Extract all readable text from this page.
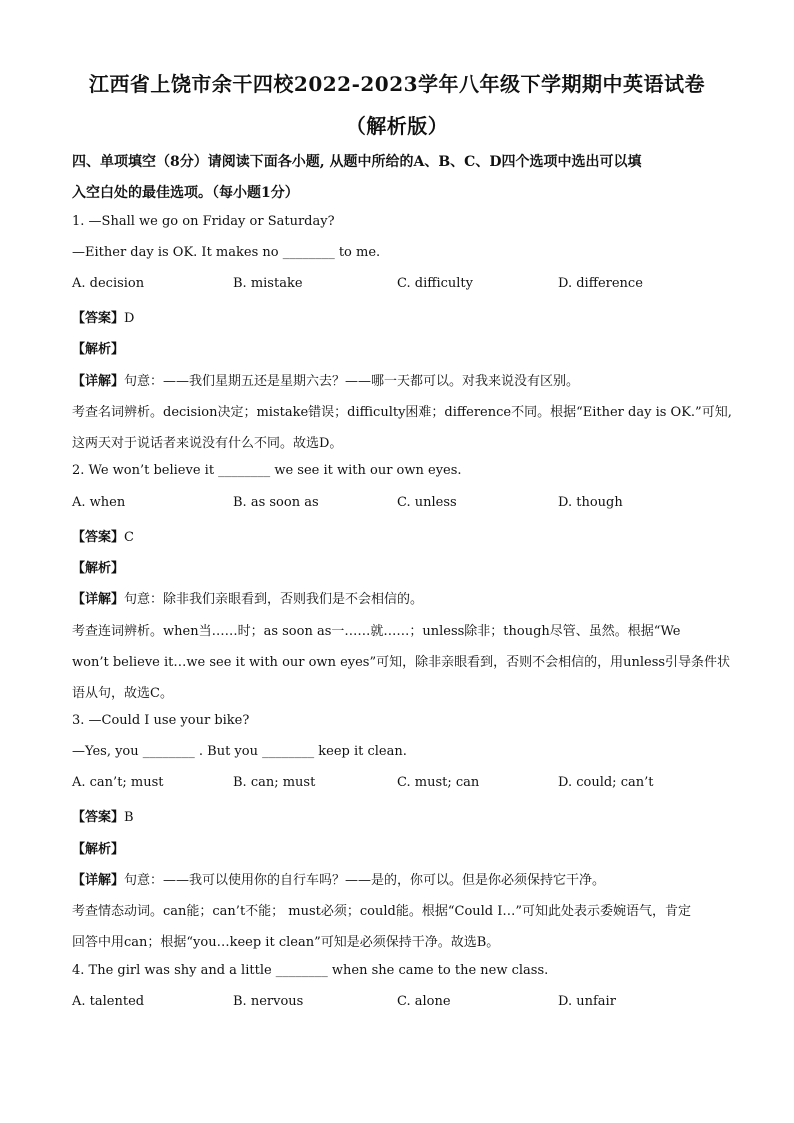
江西省上饶市余干四校2022-2023学年八年级下学期期中英语试卷
（解析版）
四、单项填空（8分）请阅读下面各小题, 从题中所给的A、B、C、D四个选项中选出可以填
入空白处的最佳选项。（每小题1分）
1. —Shall we go on Friday or Saturday?
—Either day is OK. It makes no ________ to me.
A. decision	B. mistake	C. difficulty	D. difference
【答案】D
【解析】
【详解】句意：——我们星期五还是星期六去？——哪一天都可以。对我来说没有区别。
考查名词辨析。decision决定；mistake错误；difficulty困难；difference不同。根据“Either day is OK.”可知,
这两天对于说话者来说没有什么不同。故选D。
2. We won’t believe it ________ we see it with our own eyes.
A. when	B. as soon as	C. unless	D. though
【答案】C
【解析】
【详解】句意：除非我们亲眼看到，否则我们是不会相信的。
考查连词辨析。when当……时；as soon as一……就……；unless除非；though尽管、虽然。根据“We
won’t believe it…we see it with our own eyes”可知，除非亲眼看到，否则不会相信的，用unless引导条件状
语从句，故选C。
3. —Could I use your bike?
—Yes, you ________ . But you ________ keep it clean.
A. can’t; must	B. can; must	C. must; can	D. could; can’t
【答案】B
【解析】
【详解】句意：——我可以使用你的自行车吗？——是的，你可以。但是你必须保持它干净。
考查情态动词。can能；can’t不能； must必须；could能。根据“Could I…”可知此处表示委婉语气，肯定
回答中用can；根据“you…keep it clean”可知是必须保持干净。故选B。
4. The girl was shy and a little ________ when she came to the new class.
A. talented	B. nervous	C. alone	D. unfair
